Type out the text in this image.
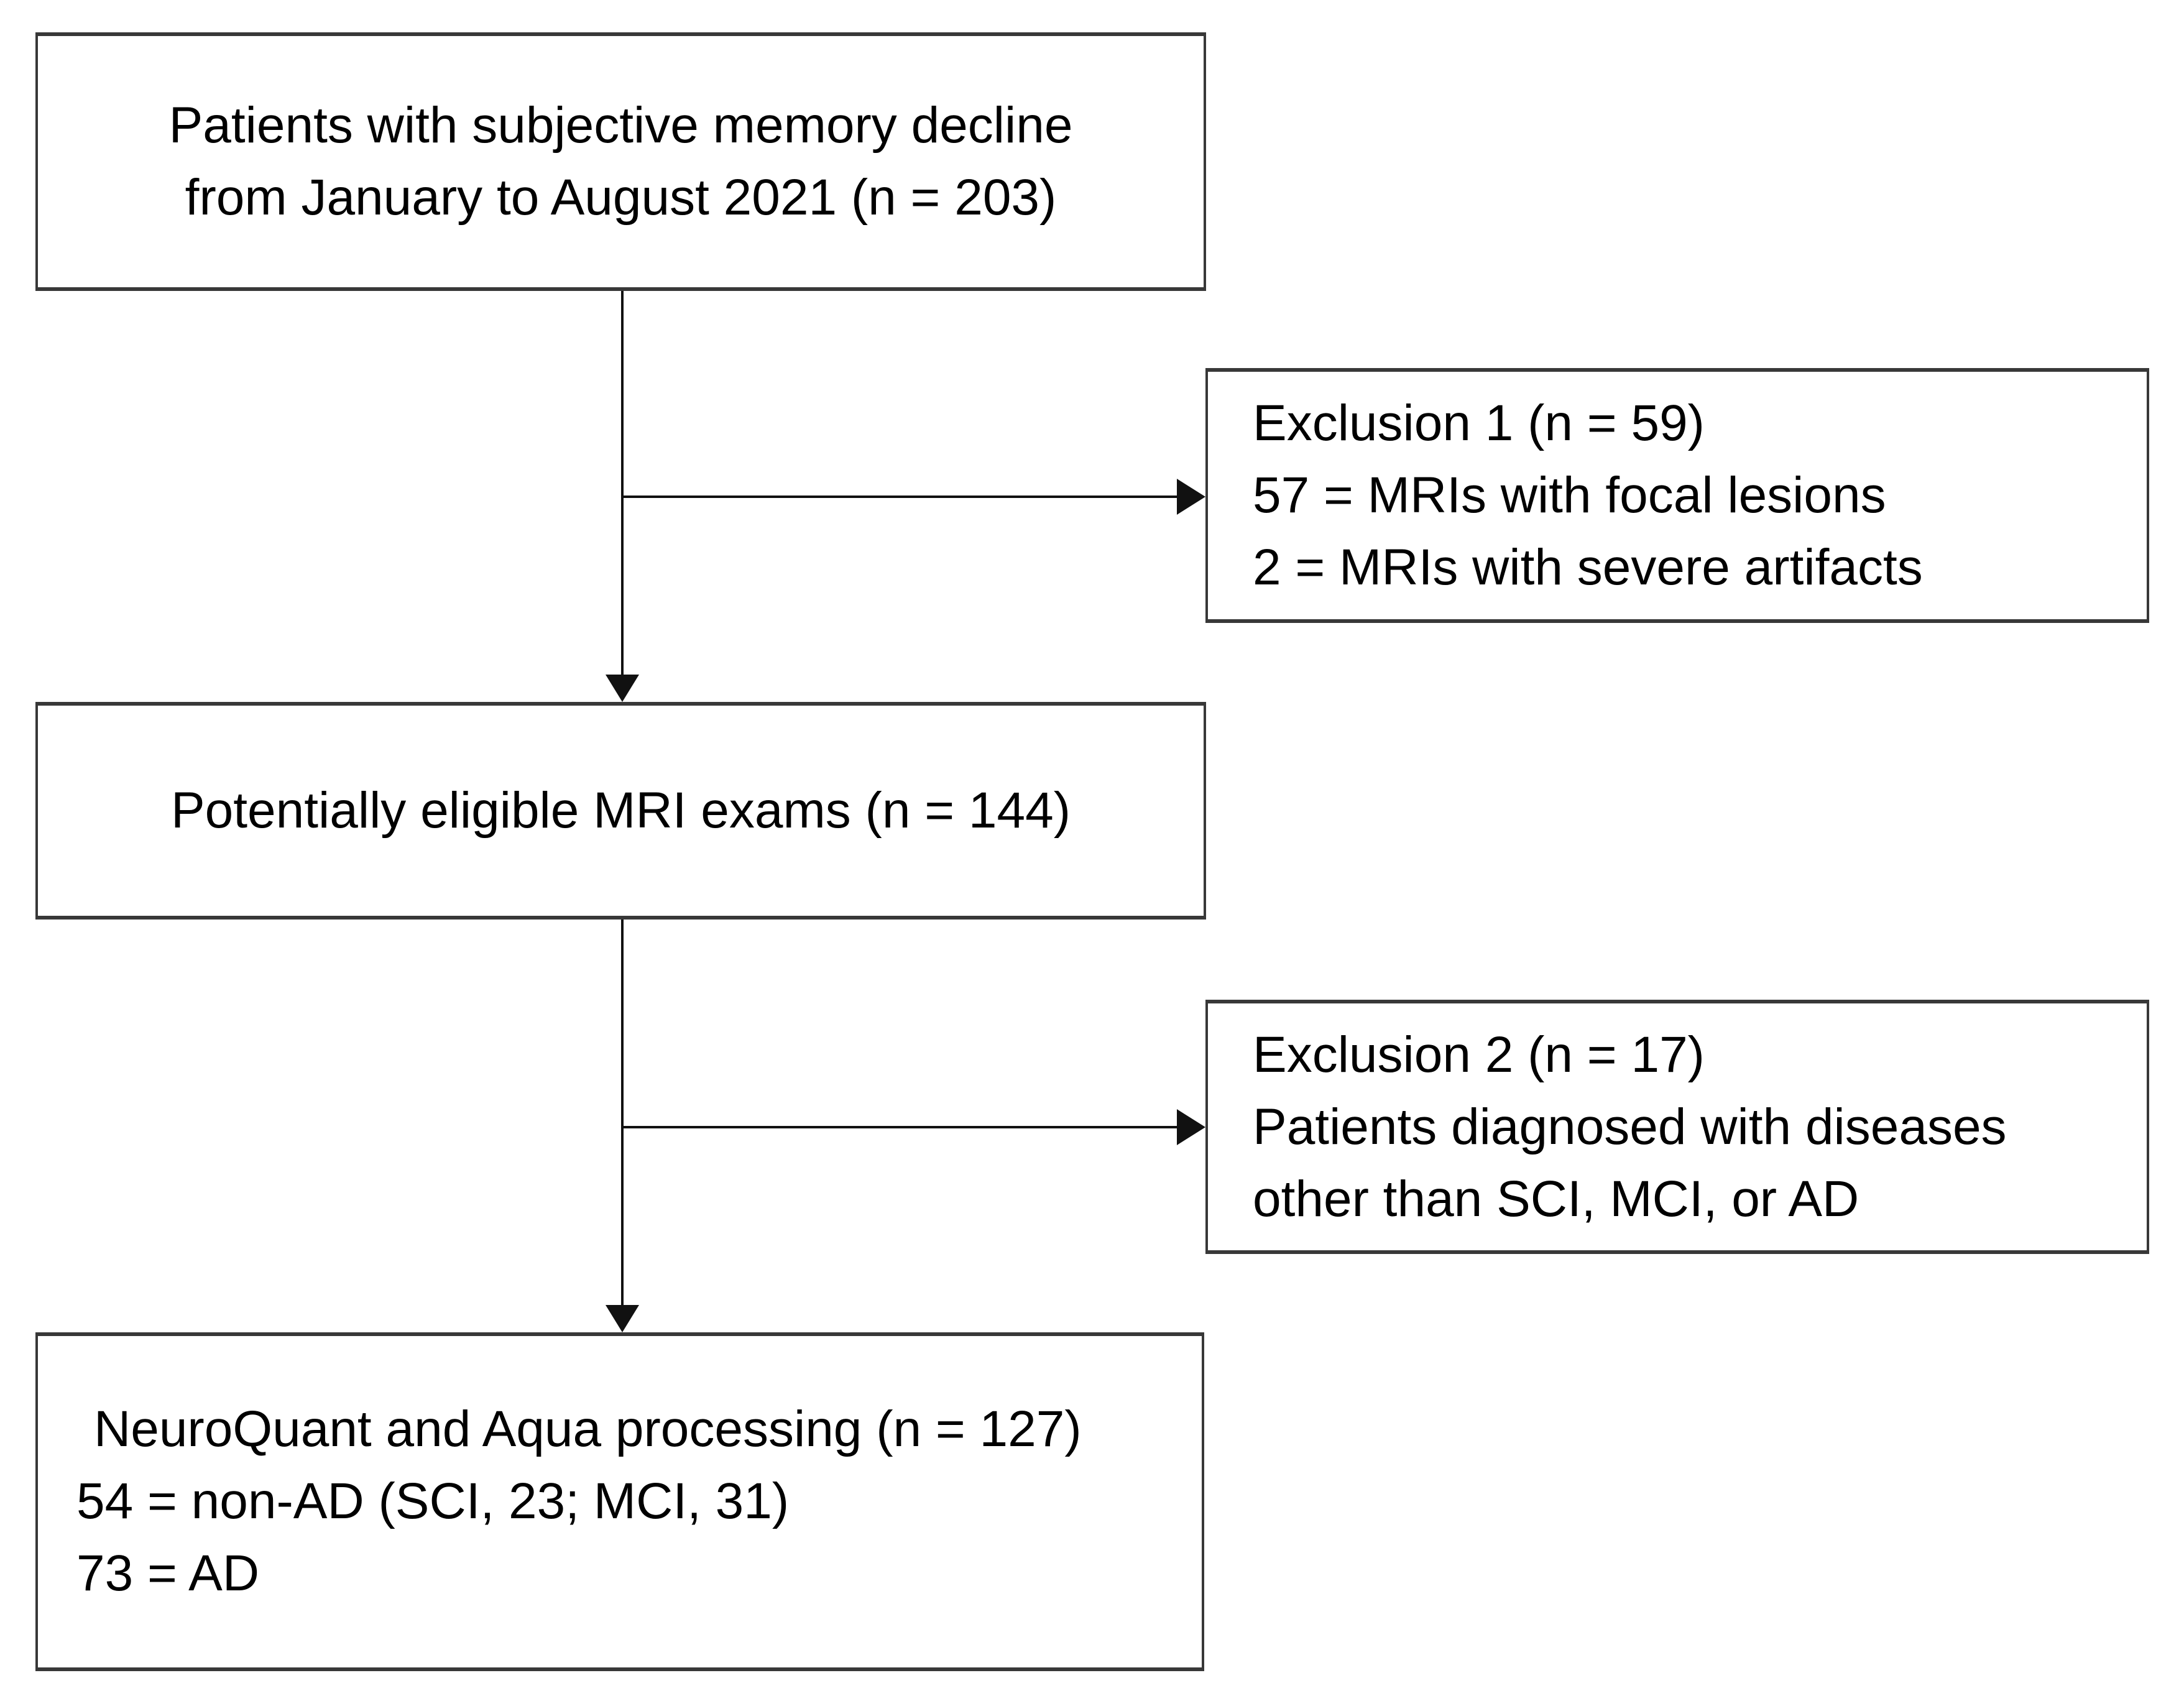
Patients with subjective memory decline
from January to August 2021 (n = 203)
Exclusion 1 (n = 59)
57 = MRIs with focal lesions
2 = MRIs with severe artifacts
Potentially eligible MRI exams (n = 144)
Exclusion 2 (n = 17)
Patients diagnosed with diseases
other than SCI, MCI, or AD
NeuroQuant and Aqua processing (n = 127)
54 = non-AD (SCI, 23; MCI, 31)
73 = AD
